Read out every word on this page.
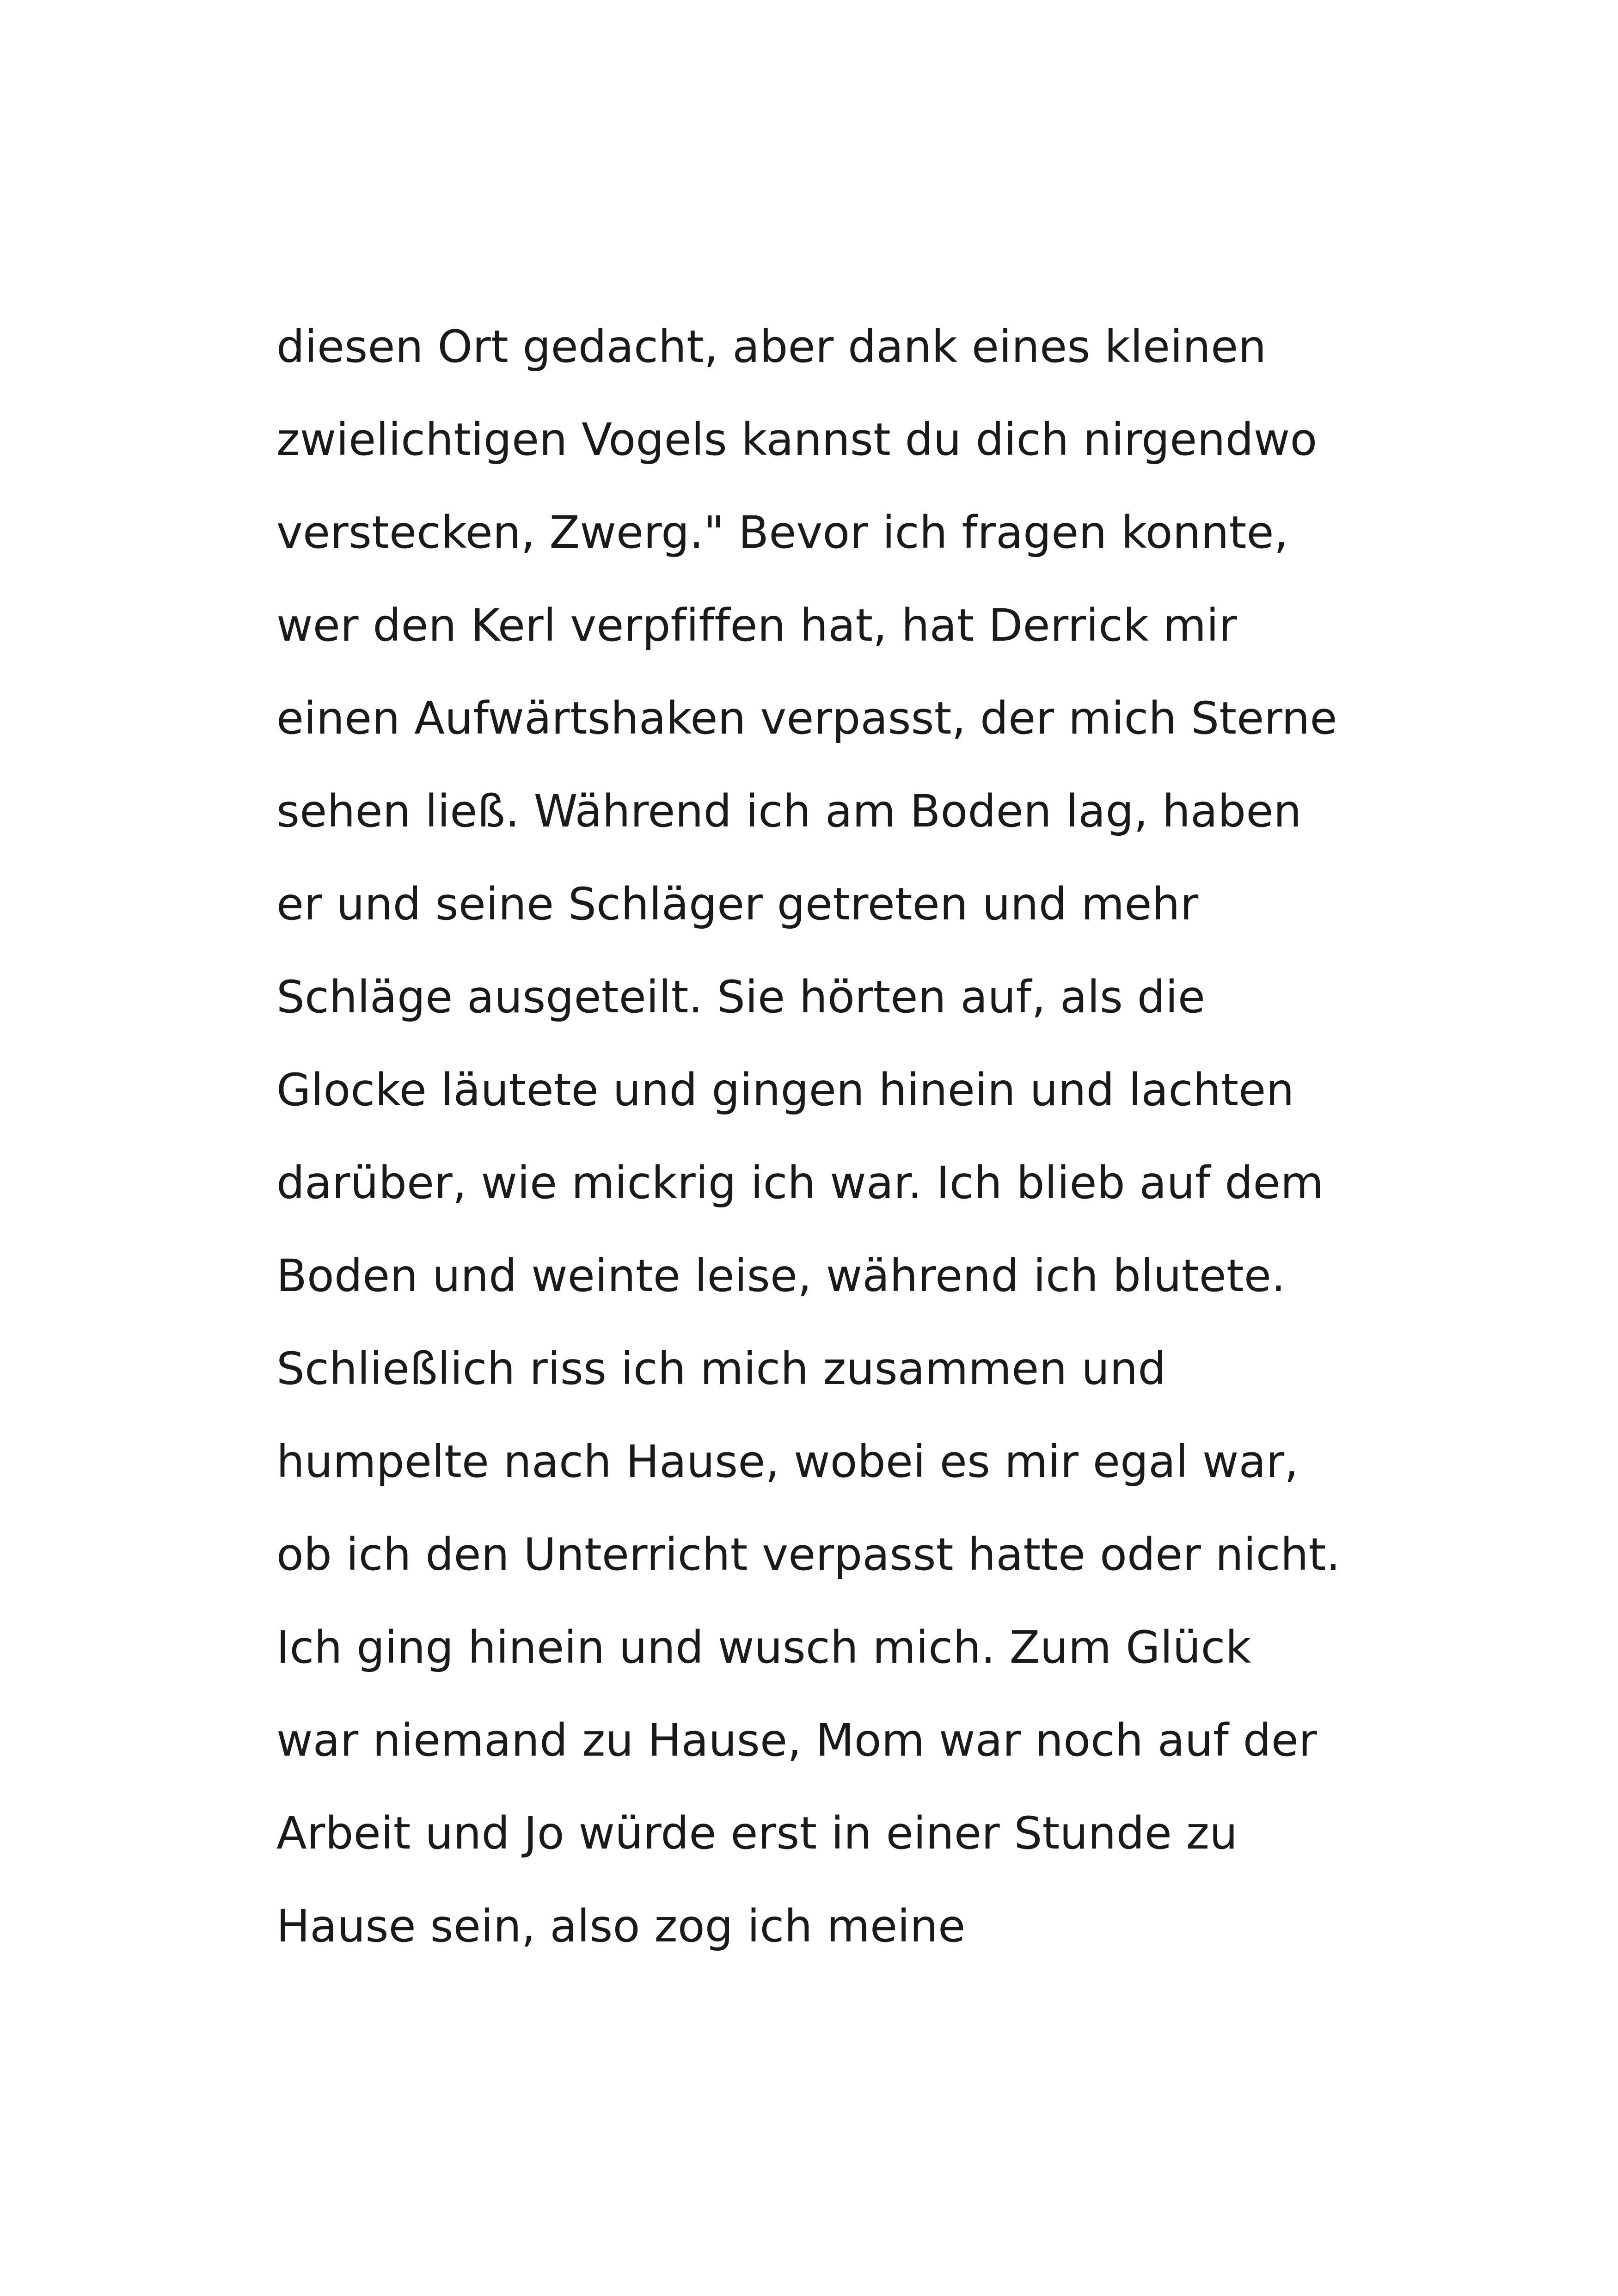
diesen Ort gedacht, aber dank eines kleinen
zwielichtigen Vogels kannst du dich nirgendwo
verstecken, Zwerg." Bevor ich fragen konnte,
wer den Kerl verpfiffen hat, hat Derrick mir
einen Aufwärtshaken verpasst, der mich Sterne
sehen ließ. Während ich am Boden lag, haben
er und seine Schläger getreten und mehr
Schläge ausgeteilt. Sie hörten auf, als die
Glocke läutete und gingen hinein und lachten
darüber, wie mickrig ich war. Ich blieb auf dem
Boden und weinte leise, während ich blutete.
Schließlich riss ich mich zusammen und
humpelte nach Hause, wobei es mir egal war,
ob ich den Unterricht verpasst hatte oder nicht.
Ich ging hinein und wusch mich. Zum Glück
war niemand zu Hause, Mom war noch auf der
Arbeit und Jo würde erst in einer Stunde zu
Hause sein, also zog ich meine
